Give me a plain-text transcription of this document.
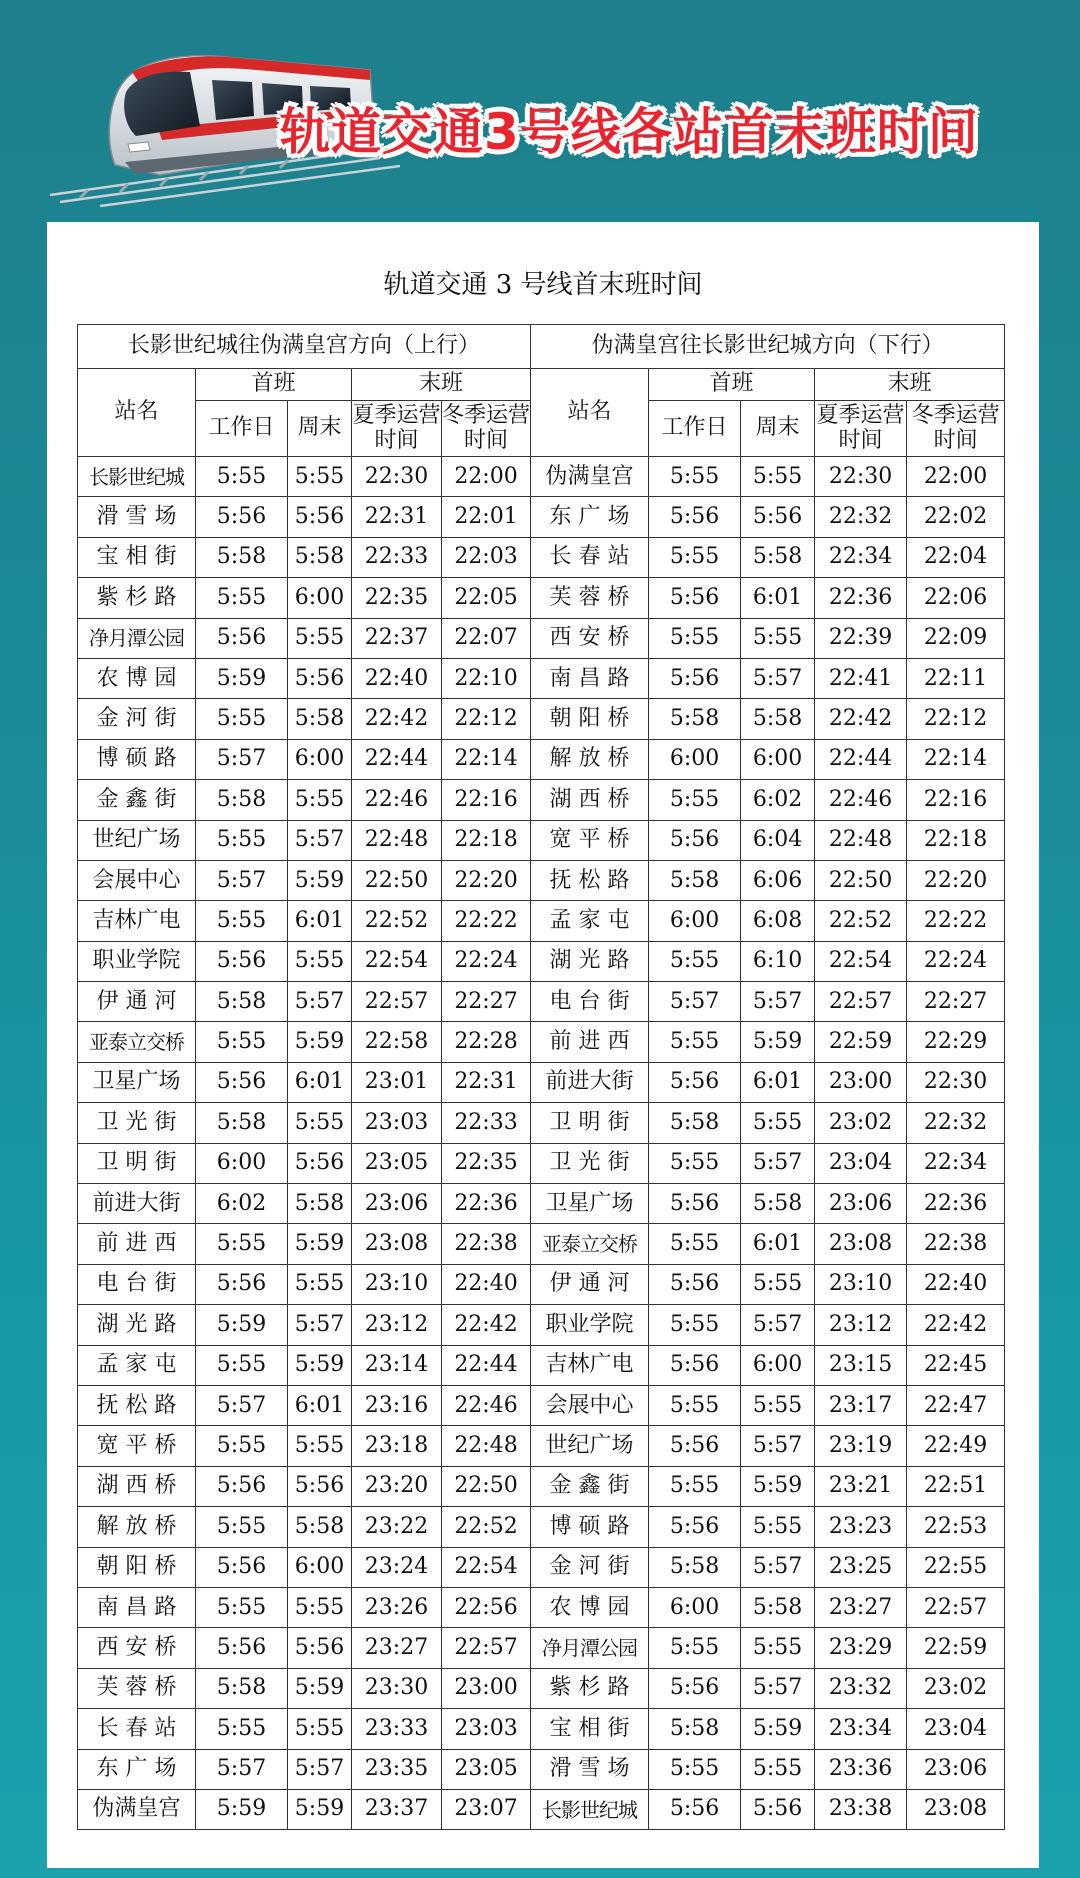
轨道交通3号线各站首末班时间
轨道交通 3 号线首末班时间
长影世纪城往伪满皇宫方向（上行）					伪满皇宫往长影世纪城方向（下行）				
站名	首班		末班		站名	首班		末班	
	工作日	周末	夏季运营时间	冬季运营时间		工作日	周末	夏季运营时间	冬季运营时间
长影世纪城	5:55	5:55	22:30	22:00	伪满皇宫	5:55	5:55	22:30	22:00
滑 雪 场	5:56	5:56	22:31	22:01	东 广 场	5:56	5:56	22:32	22:02
宝 相 街	5:58	5:58	22:33	22:03	长 春 站	5:55	5:58	22:34	22:04
紫 杉 路	5:55	6:00	22:35	22:05	芙 蓉 桥	5:56	6:01	22:36	22:06
净月潭公园	5:56	5:55	22:37	22:07	西 安 桥	5:55	5:55	22:39	22:09
农 博 园	5:59	5:56	22:40	22:10	南 昌 路	5:56	5:57	22:41	22:11
金 河 街	5:55	5:58	22:42	22:12	朝 阳 桥	5:58	5:58	22:42	22:12
博 硕 路	5:57	6:00	22:44	22:14	解 放 桥	6:00	6:00	22:44	22:14
金 鑫 街	5:58	5:55	22:46	22:16	湖 西 桥	5:55	6:02	22:46	22:16
世纪广场	5:55	5:57	22:48	22:18	宽 平 桥	5:56	6:04	22:48	22:18
会展中心	5:57	5:59	22:50	22:20	抚 松 路	5:58	6:06	22:50	22:20
吉林广电	5:55	6:01	22:52	22:22	孟 家 屯	6:00	6:08	22:52	22:22
职业学院	5:56	5:55	22:54	22:24	湖 光 路	5:55	6:10	22:54	22:24
伊 通 河	5:58	5:57	22:57	22:27	电 台 街	5:57	5:57	22:57	22:27
亚泰立交桥	5:55	5:59	22:58	22:28	前 进 西	5:55	5:59	22:59	22:29
卫星广场	5:56	6:01	23:01	22:31	前进大街	5:56	6:01	23:00	22:30
卫 光 街	5:58	5:55	23:03	22:33	卫 明 街	5:58	5:55	23:02	22:32
卫 明 街	6:00	5:56	23:05	22:35	卫 光 街	5:55	5:57	23:04	22:34
前进大街	6:02	5:58	23:06	22:36	卫星广场	5:56	5:58	23:06	22:36
前 进 西	5:55	5:59	23:08	22:38	亚泰立交桥	5:55	6:01	23:08	22:38
电 台 街	5:56	5:55	23:10	22:40	伊 通 河	5:56	5:55	23:10	22:40
湖 光 路	5:59	5:57	23:12	22:42	职业学院	5:55	5:57	23:12	22:42
孟 家 屯	5:55	5:59	23:14	22:44	吉林广电	5:56	6:00	23:15	22:45
抚 松 路	5:57	6:01	23:16	22:46	会展中心	5:55	5:55	23:17	22:47
宽 平 桥	5:55	5:55	23:18	22:48	世纪广场	5:56	5:57	23:19	22:49
湖 西 桥	5:56	5:56	23:20	22:50	金 鑫 街	5:55	5:59	23:21	22:51
解 放 桥	5:55	5:58	23:22	22:52	博 硕 路	5:56	5:55	23:23	22:53
朝 阳 桥	5:56	6:00	23:24	22:54	金 河 街	5:58	5:57	23:25	22:55
南 昌 路	5:55	5:55	23:26	22:56	农 博 园	6:00	5:58	23:27	22:57
西 安 桥	5:56	5:56	23:27	22:57	净月潭公园	5:55	5:55	23:29	22:59
芙 蓉 桥	5:58	5:59	23:30	23:00	紫 杉 路	5:56	5:57	23:32	23:02
长 春 站	5:55	5:55	23:33	23:03	宝 相 街	5:58	5:59	23:34	23:04
东 广 场	5:57	5:57	23:35	23:05	滑 雪 场	5:55	5:55	23:36	23:06
伪满皇宫	5:59	5:59	23:37	23:07	长影世纪城	5:56	5:56	23:38	23:08
